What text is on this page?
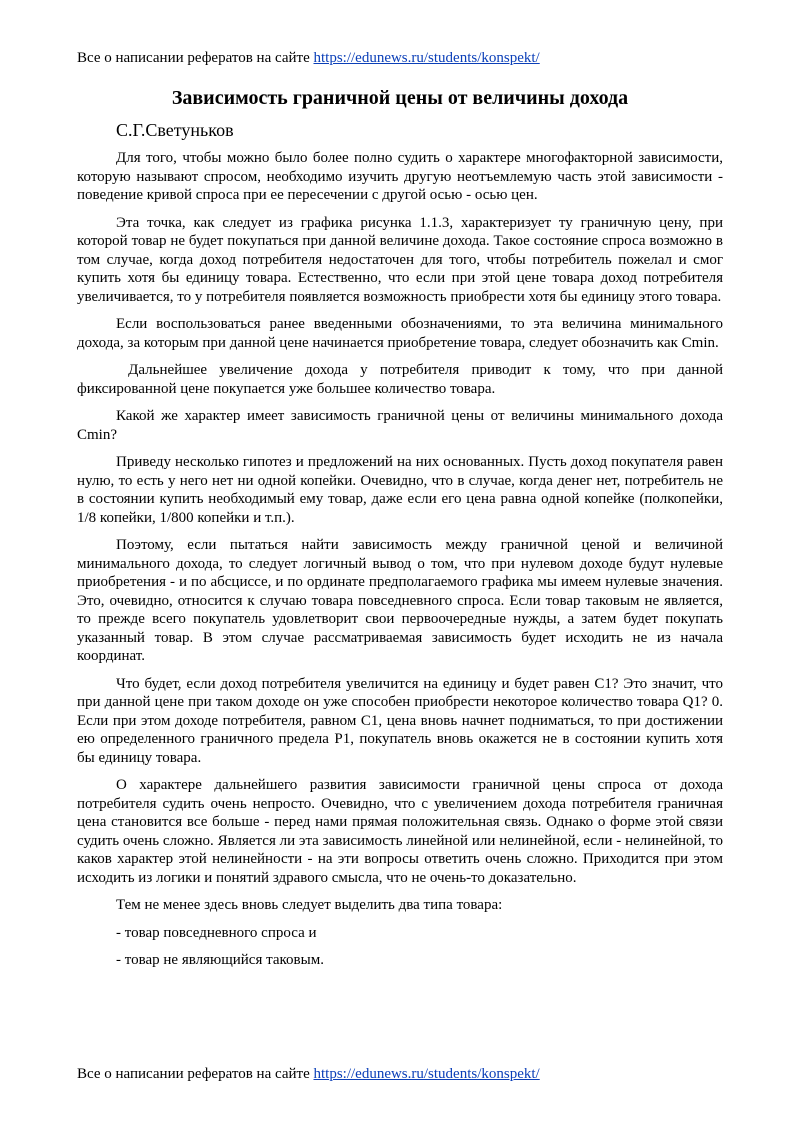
Все о написании рефератов на сайте https://edunews.ru/students/konspekt/
Зависимость граничной цены от величины дохода

С.Г.Светуньков

Для того, чтобы можно было более полно судить о характере многофакторной зависимости, которую называют спросом, необходимо изучить другую неотъемлемую часть этой зависимости - поведение кривой спроса при ее пересечении с другой осью - осью цен.

Эта точка, как следует из графика рисунка 1.1.3, характеризует ту граничную цену, при которой товар не будет покупаться при данной величине дохода. Такое состояние спроса возможно в том случае, когда доход потребителя недостаточен для того, чтобы потребитель пожелал и смог купить хотя бы единицу товара. Естественно, что если при этой цене товара доход потребителя увеличивается, то у потребителя появляется возможность приобрести хотя бы единицу этого товара.

Если воспользоваться ранее введенными обозначениями, то эта величина минимального дохода, за которым при данной цене начинается приобретение товара, следует обозначить как Cmin.

Дальнейшее увеличение дохода у потребителя приводит к тому, что при данной фиксированной цене покупается уже большее количество товара.

Какой же характер имеет зависимость граничной цены от величины минимального дохода Cmin?

Приведу несколько гипотез и предложений на них основанных. Пусть доход покупателя равен нулю, то есть у него нет ни одной копейки. Очевидно, что в случае, когда денег нет, потребитель не в состоянии купить необходимый ему товар, даже если его цена равна одной копейке (полкопейки, 1/8 копейки, 1/800 копейки и т.п.).

Поэтому, если пытаться найти зависимость между граничной ценой и величиной минимального дохода, то следует логичный вывод о том, что при нулевом доходе будут нулевые приобретения - и по абсциссе, и по ординате предполагаемого графика мы имеем нулевые значения. Это, очевидно, относится к случаю товара повседневного спроса. Если товар таковым не является, то прежде всего покупатель удовлетворит свои первоочередные нужды, а затем будет покупать указанный товар. В этом случае рассматриваемая зависимость будет исходить не из начала координат.

Что будет, если доход потребителя увеличится на единицу и будет равен C1? Это значит, что при данной цене при таком доходе он уже способен приобрести некоторое количество товара Q1? 0. Если при этом доходе потребителя, равном C1, цена вновь начнет подниматься, то при достижении ею определенного граничного предела P1, покупатель вновь окажется не в состоянии купить хотя бы единицу товара.

О характере дальнейшего развития зависимости граничной цены спроса от дохода потребителя судить очень непросто. Очевидно, что с увеличением дохода потребителя граничная цена становится все больше - перед нами прямая положительная связь. Однако о форме этой связи судить очень сложно. Является ли эта зависимость линейной или нелинейной, если - нелинейной, то каков характер этой нелинейности - на эти вопросы ответить очень сложно. Приходится при этом исходить из логики и понятий здравого смысла, что не очень-то доказательно.

Тем не менее здесь вновь следует выделить два типа товара:

- товар повседневного спроса и

- товар не являющийся таковым.

Все о написании рефератов на сайте https://edunews.ru/students/konspekt/
